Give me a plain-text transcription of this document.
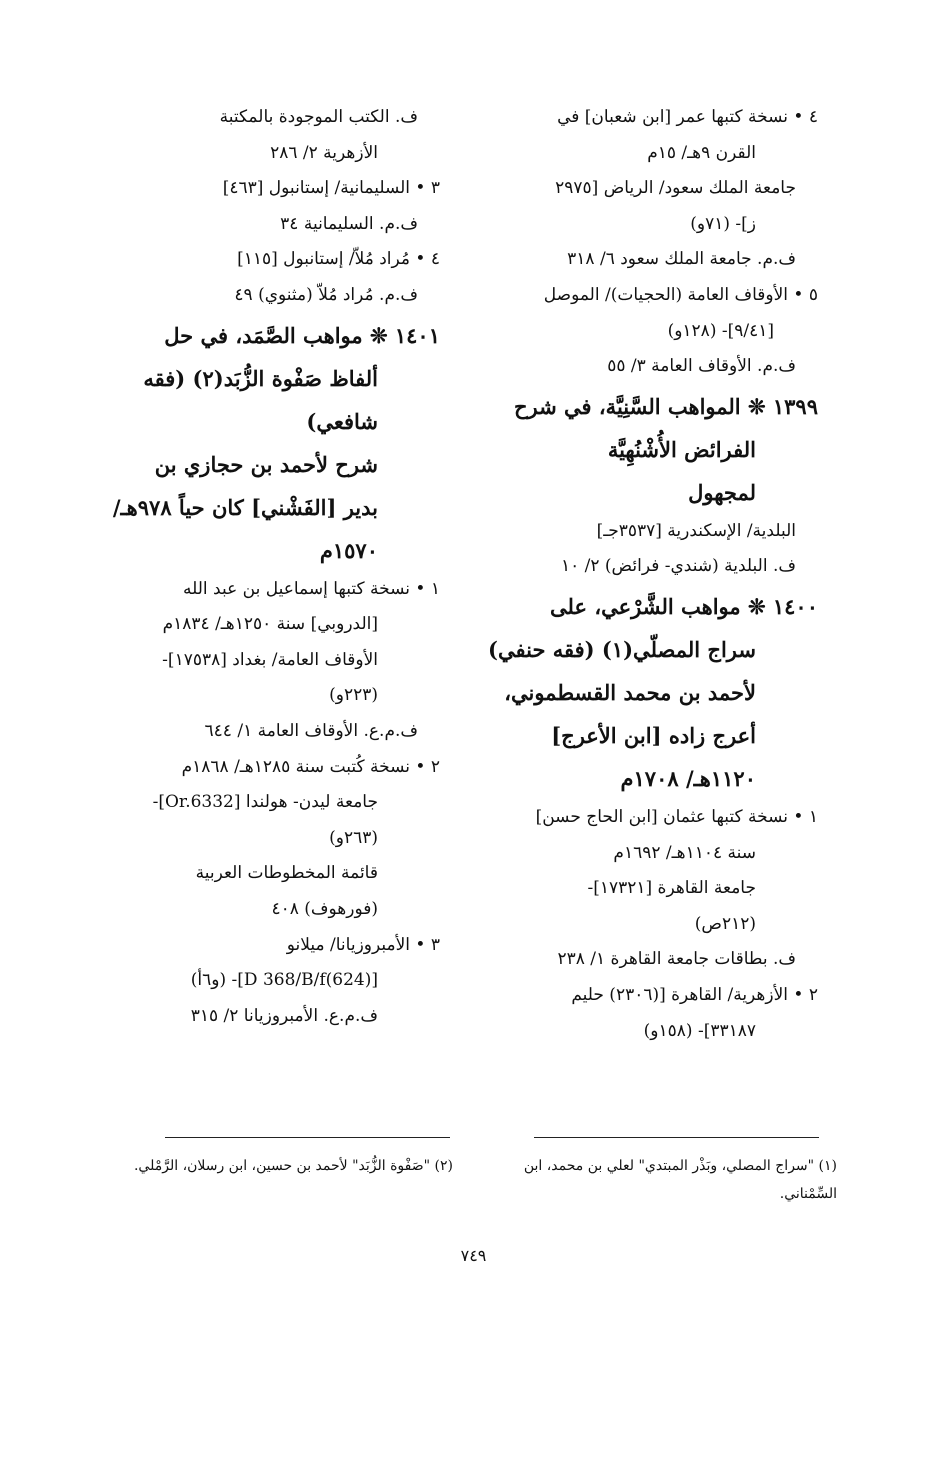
٤ • نسخة كتبها عمر [ابن شعبان] في
القرن ٩هـ/ ١٥م
جامعة الملك سعود/ الرياض [٢٩٧٥
ز]- (٧١و)
ف.م. جامعة الملك سعود ٦/ ٣١٨
٥ • الأوقاف العامة (الحجيات)/ الموصل
[٩/٤١]- (١٢٨و)
ف.م. الأوقاف العامة ٣/ ٥٥
١٣٩٩ ❊ المواهب السَّنِيَّة، في شرح
الفرائض الأُشْنُهِيَّة
لمجهول
البلدية/ الإسكندرية [٣٥٣٧جـ]
ف. البلدية (شندي- فرائض) ٢/ ١٠
١٤٠٠ ❊ مواهب الشَّرْعي، على
سراج المصلّي(١) (فقه حنفي)
لأحمد بن محمد القسطموني،
أعرج زاده [ابن الأعرج]
١١٢٠هـ/ ١٧٠٨م
١ • نسخة كتبها عثمان [ابن الحاج حسن]
سنة ١١٠٤هـ/ ١٦٩٢م
جامعة القاهرة [١٧٣٢١]-
(٢١٢ص)
ف. بطاقات جامعة القاهرة ١/ ٢٣٨
٢ • الأزهرية/ القاهرة [(٢٣٠٦) حليم
٣٣١٨٧]- (١٥٨و)
ف. الكتب الموجودة بالمكتبة
الأزهرية ٢/ ٢٨٦
٣ • السليمانية/ إستانبول [٤٦٣]
ف.م. السليمانية ٣٤
٤ • مُراد مُلاّ/ إستانبول [١١٥]
ف.م. مُراد مُلاّ (مثنوي) ٤٩
١٤٠١ ❊ مواهب الصَّمَد، في حل
ألفاظ صَفْوة الزُّبَد(٢) (فقه
شافعي)
شرح لأحمد بن حجازي بن
بدير [الفَشْني] كان حياً ٩٧٨هـ/
١٥٧٠م
١ • نسخة كتبها إسماعيل بن عبد الله
[الدروبي] سنة ١٢٥٠هـ/ ١٨٣٤م
الأوقاف العامة/ بغداد [١٧٥٣٨]-
(٢٢٣و)
ف.م.ع. الأوقاف العامة ١/ ٦٤٤
٢ • نسخة كُتبت سنة ١٢٨٥هـ/ ١٨٦٨م
جامعة ليدن- هولندا [Or.6332]-
(٢٦٣و)
قائمة المخطوطات العربية
(فورهوف) ٤٠٨
٣ • الأمبروزيانا/ ميلانو
[(624)D 368/B/f]- (و٦أ)
ف.م.ع. الأمبروزيانا ٢/ ٣١٥
(١) "سراج المصلي، وبَذْر المبتدي" لعلي بن محمد، ابن السِّمْناني.
(٢) "صَفْوة الزُّبَد" لأحمد بن حسين، ابن رسلان، الرَّمْلي.
٧٤٩
